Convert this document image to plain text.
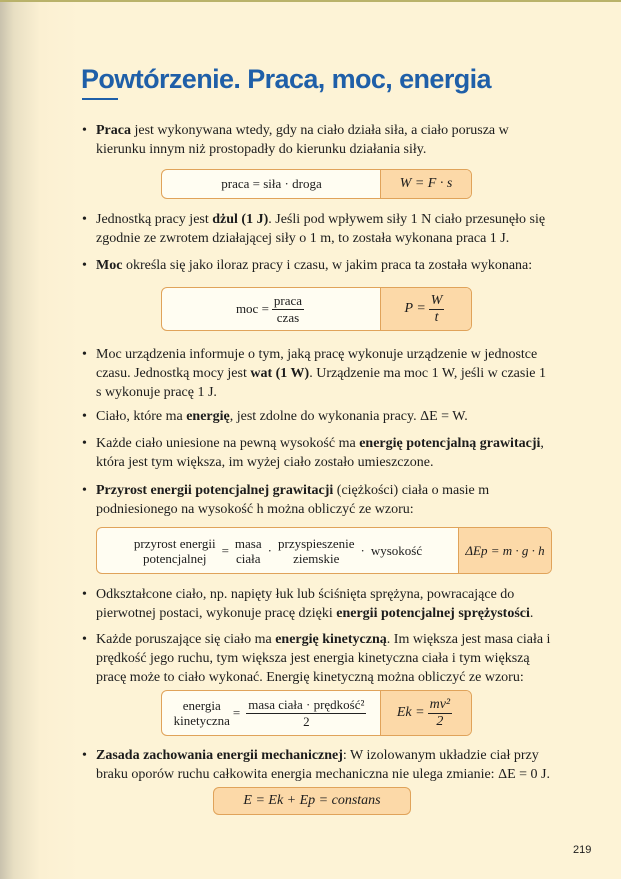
Powtórzenie. Praca, moc, energia
• Praca jest wykonywana wtedy, gdy na ciało działa siła, a ciało porusza w kierunku innym niż prostopadły do kierunku działania siły.
praca = siła · droga	W = F · s
• Jednostką pracy jest dżul (1 J). Jeśli pod wpływem siły 1 N ciało przesunęło się zgodnie ze zwrotem działającej siły o 1 m, to została wykonana praca 1 J.
• Moc określa się jako iloraz pracy i czasu, w jakim praca ta została wykonana:
moc = $\frac{\text{praca}}{\text{czas}}$	$P = \frac{W}{t}$
• Moc urządzenia informuje o tym, jaką pracę wykonuje urządzenie w jednostce czasu. Jednostką mocy jest wat (1 W). Urządzenie ma moc 1 W, jeśli w czasie 1 s wykonuje pracę 1 J.
• Ciało, które ma energię, jest zdolne do wykonania pracy. ΔE = W.
• Każde ciało uniesione na pewną wysokość ma energię potencjalną grawitacji, która jest tym większa, im wyżej ciało zostało umieszczone.
• Przyrost energii potencjalnej grawitacji (ciężkości) ciała o masie m podniesionego na wysokość h można obliczyć ze wzoru:
przyrost energii
potencjalnej
= masa
ciała
· przyspieszenie
ziemskie
· wysokość	ΔEp = m · g · h
• Odkształcone ciało, np. napięty łuk lub ściśnięta sprężyna, powracające do pierwotnej postaci, wykonuje pracę dzięki energii potencjalnej sprężystości.
• Każde poruszające się ciało ma energię kinetyczną. Im większa jest masa ciała i prędkość jego ruchu, tym większa jest energia kinetyczna ciała i tym większą pracę może to ciało wykonać. Energię kinetyczną można obliczyć ze wzoru:
energia
kinetyczna
= $\frac{\text{masa ciała · prędkość²}}{2}$ $Ek = \frac{\text{mv²}}{2}$
• Zasada zachowania energii mechanicznej: W izolowanym układzie ciał przy braku oporów ruchu całkowita energia mechaniczna nie ulega zmianie: ΔE = 0 J.
E = Ek + Ep = constans
219
